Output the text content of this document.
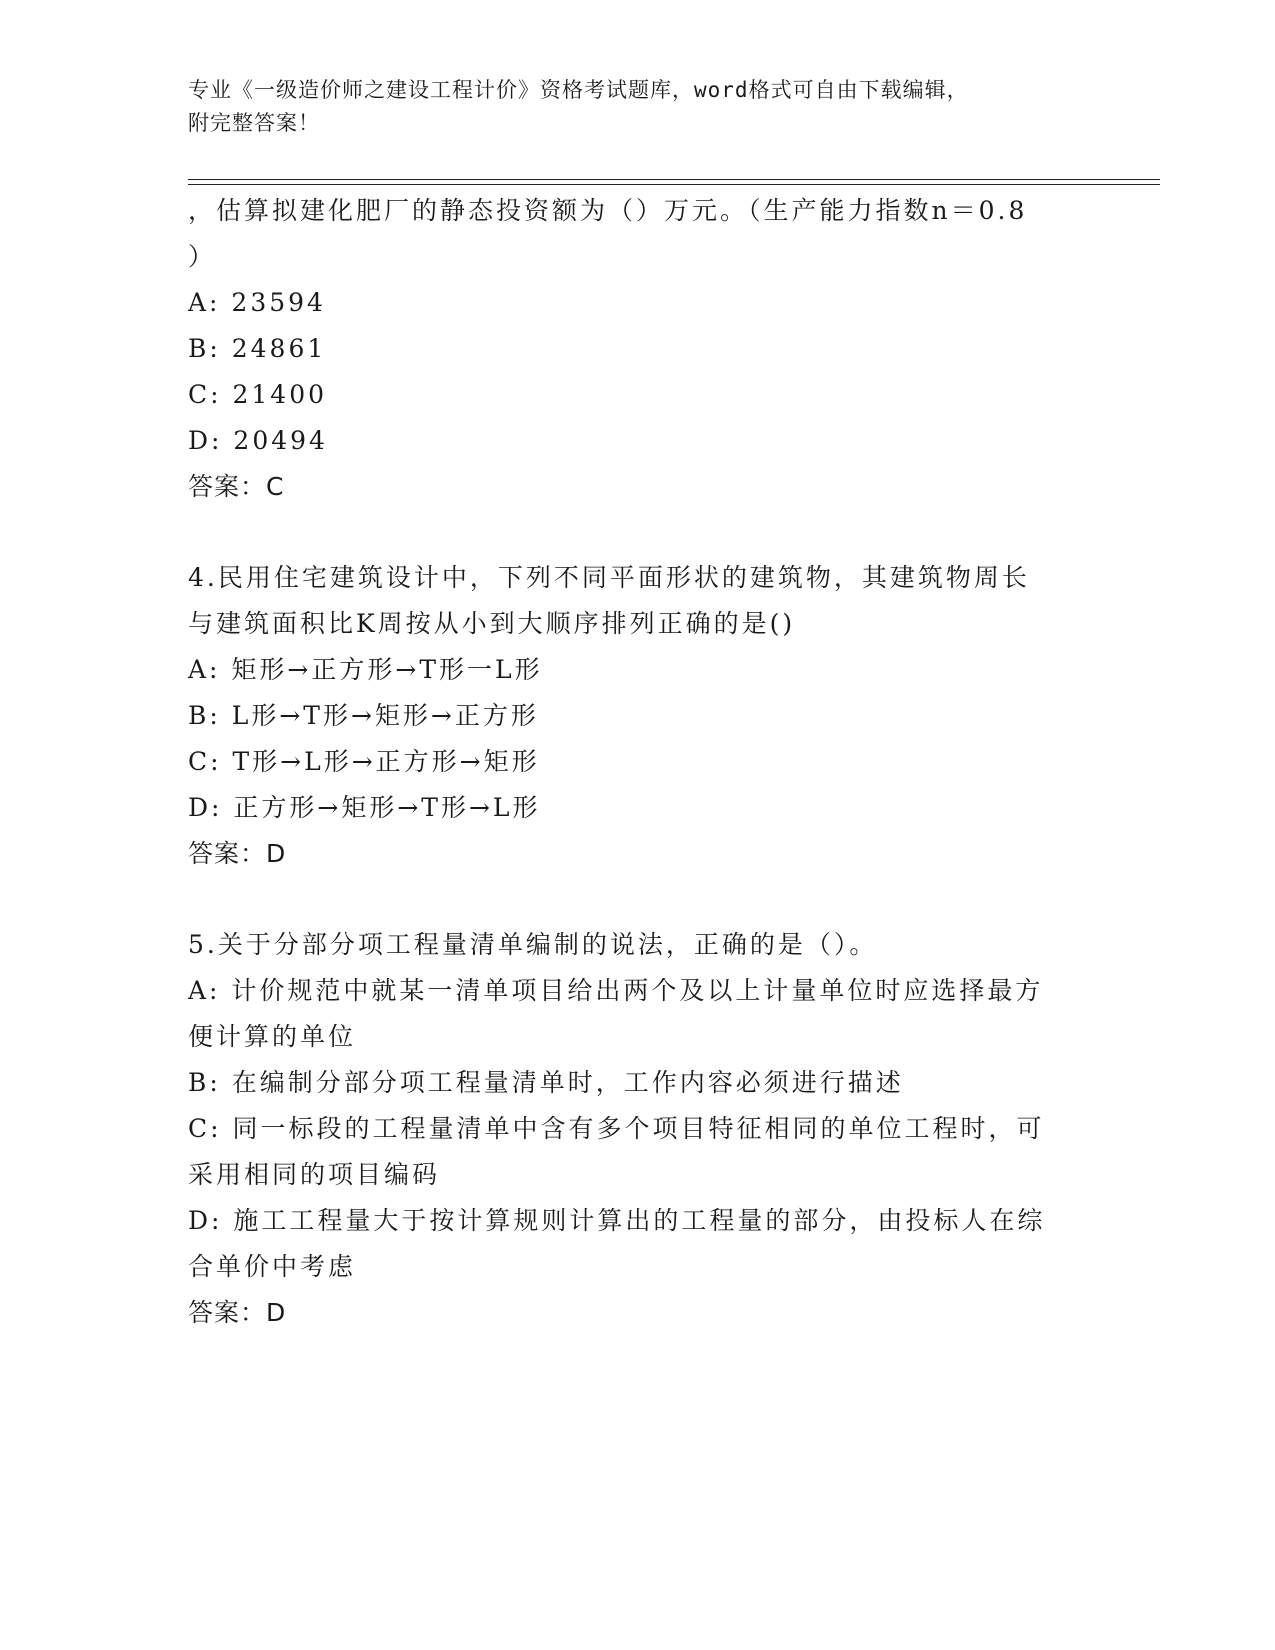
专业《一级造价师之建设工程计价》资格考试题库，word格式可自由下载编辑，
附完整答案！
，估算拟建化肥厂的静态投资额为（）万元。（生产能力指数n＝0.8
）
A: 23594
B: 24861
C: 21400
D: 20494
答案：C
4.民用住宅建筑设计中，下列不同平面形状的建筑物，其建筑物周长
与建筑面积比K周按从小到大顺序排列正确的是()
A: 矩形→正方形→T形一L形
B: L形→T形→矩形→正方形
C: T形→L形→正方形→矩形
D: 正方形→矩形→T形→L形
答案：D
5.关于分部分项工程量清单编制的说法，正确的是（）。
A: 计价规范中就某一清单项目给出两个及以上计量单位时应选择最方
便计算的单位
B: 在编制分部分项工程量清单时，工作内容必须进行描述
C: 同一标段的工程量清单中含有多个项目特征相同的单位工程时，可
采用相同的项目编码
D: 施工工程量大于按计算规则计算出的工程量的部分，由投标人在综
合单价中考虑
答案：D
